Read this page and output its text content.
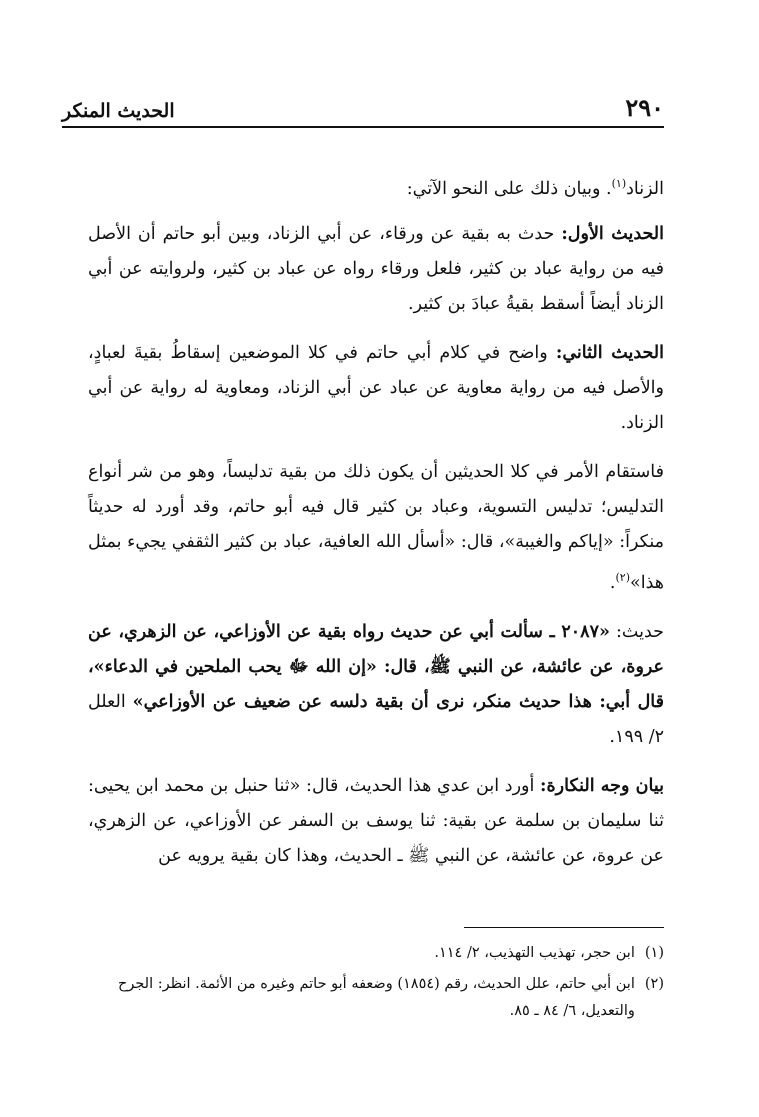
٢٩٠
الحديث المنكر

الزناد$^{(١)}$. وبيان ذلك على النحو الآتي:

الحديث الأول: حدث به بقية عن ورقاء، عن أبي الزناد، وبين أبو حاتم أن الأصل فيه من رواية عباد بن كثير، فلعل ورقاء رواه عن عباد بن كثير، ولروايته عن أبي الزناد أيضاً أسقط بقيةُ عبادَ بن كثير.

الحديث الثاني: واضح في كلام أبي حاتم في كلا الموضعين إسقاطُ بقيةَ لعبادٍ، والأصل فيه من رواية معاوية عن عباد عن أبي الزناد، ومعاوية له رواية عن أبي الزناد.

فاستقام الأمر في كلا الحديثين أن يكون ذلك من بقية تدليساً، وهو من شر أنواع التدليس؛ تدليس التسوية، وعباد بن كثير قال فيه أبو حاتم، وقد أورد له حديثاً منكراً: «إياكم والغيبة»، قال: «أسأل الله العافية، عباد بن كثير الثقفي يجيء بمثل هذا»$^{(٢)}$.

حديث: «٢٠٨٧ ـ سألت أبي عن حديث رواه بقية عن الأوزاعي، عن الزهري، عن عروة، عن عائشة، عن النبي ﷺ، قال: «إن الله ﷻ يحب الملحين في الدعاء»، قال أبي: هذا حديث منكر، نرى أن بقية دلسه عن ضعيف عن الأوزاعي» العلل ٢/ ١٩٩.

بيان وجه النكارة: أورد ابن عدي هذا الحديث، قال: «ثنا حنبل بن محمد ابن يحيى: ثنا سليمان بن سلمة عن بقية: ثنا يوسف بن السفر عن الأوزاعي، عن الزهري، عن عروة، عن عائشة، عن النبي ﷺ ـ الحديث، وهذا كان بقية يرويه عن

(١)
ابن حجر، تهذيب التهذيب، ٢/ ١١٤.
(٢)
ابن أبي حاتم، علل الحديث، رقم (١٨٥٤) وضعفه أبو حاتم وغيره من الأئمة. انظر: الجرح والتعديل، ٦/ ٨٤ ـ ٨٥.
